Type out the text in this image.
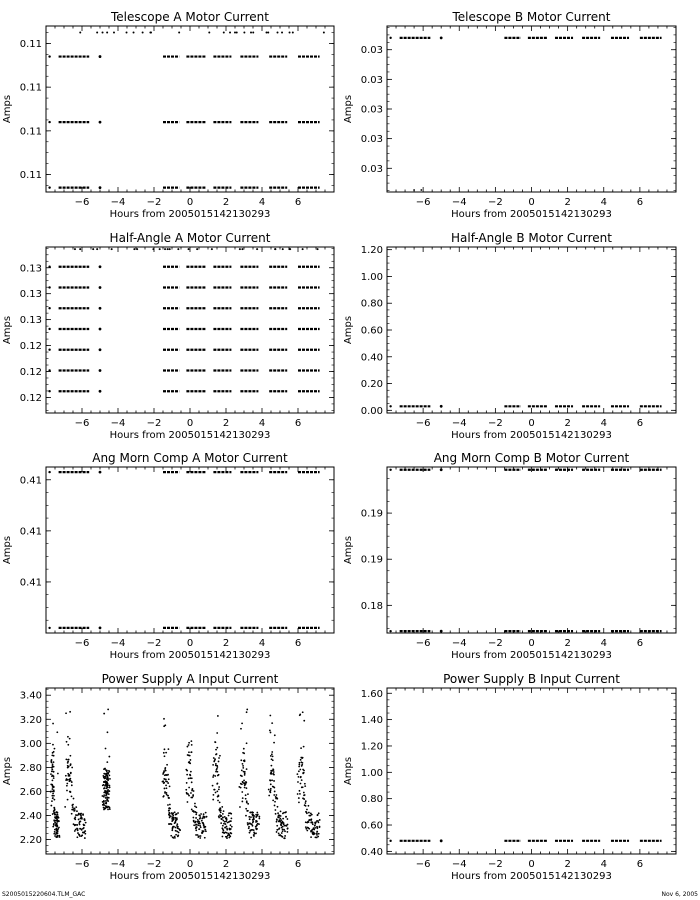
Telescope A Motor Current
Hours from 2005015142130293
Amps
−6 −4 −2	0	2	4	6
0.11
0.11
0.11
0.11
Telescope B Motor Current
Hours from 2005015142130293
Amps
−6 −4 −2	0	2	4	6
0.03
0.03
0.03
0.03
0.03
Half-Angle A Motor Current
Hours from 2005015142130293
Amps
−6 −4 −2	0	2	4	6
0.12
0.12
0.12
0.13
0.13
0.13
Half-Angle B Motor Current
Hours from 2005015142130293
Amps
−6 −4 −2	0	2	4	6
0.00
0.20
0.40
0.60
0.80
1.00
1.20
Ang Morn Comp A Motor Current
Hours from 2005015142130293
Amps
−6 −4 −2	0	2	4	6
0.41
0.41
0.41
Ang Morn Comp B Motor Current
Hours from 2005015142130293
Amps
−6 −4 −2	0	2	4	6
0.18
0.19
0.19
Power Supply A Input Current
Hours from 2005015142130293
Amps
−6 −4 −2	0	2	4	6
2.20
2.40
2.60
2.80
3.00
3.20
3.40
Power Supply B Input Current
Hours from 2005015142130293
Amps
−6 −4 −2	0	2	4	6
0.40
0.60
0.80
1.00
1.20
1.40
1.60
S2005015220604.TLM_GAC	Nov 6, 2005
